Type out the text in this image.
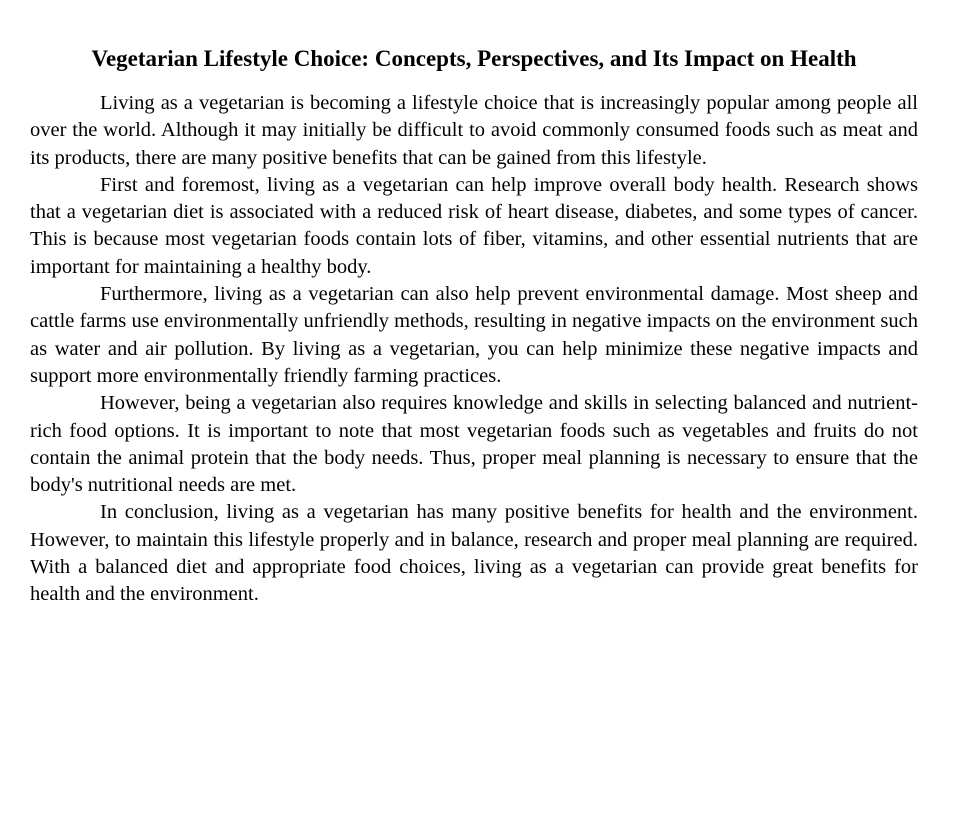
Vegetarian Lifestyle Choice: Concepts, Perspectives, and Its Impact on Health

Living as a vegetarian is becoming a lifestyle choice that is increasingly popular among people all over the world. Although it may initially be difficult to avoid commonly consumed foods such as meat and its products, there are many positive benefits that can be gained from this lifestyle.

First and foremost, living as a vegetarian can help improve overall body health. Research shows that a vegetarian diet is associated with a reduced risk of heart disease, diabetes, and some types of cancer. This is because most vegetarian foods contain lots of fiber, vitamins, and other essential nutrients that are important for maintaining a healthy body.

Furthermore, living as a vegetarian can also help prevent environmental damage. Most sheep and cattle farms use environmentally unfriendly methods, resulting in negative impacts on the environment such as water and air pollution. By living as a vegetarian, you can help minimize these negative impacts and support more environmentally friendly farming practices.

However, being a vegetarian also requires knowledge and skills in selecting balanced and nutrient-rich food options. It is important to note that most vegetarian foods such as vegetables and fruits do not contain the animal protein that the body needs. Thus, proper meal planning is necessary to ensure that the body's nutritional needs are met.

In conclusion, living as a vegetarian has many positive benefits for health and the environment. However, to maintain this lifestyle properly and in balance, research and proper meal planning are required. With a balanced diet and appropriate food choices, living as a vegetarian can provide great benefits for health and the environment.
